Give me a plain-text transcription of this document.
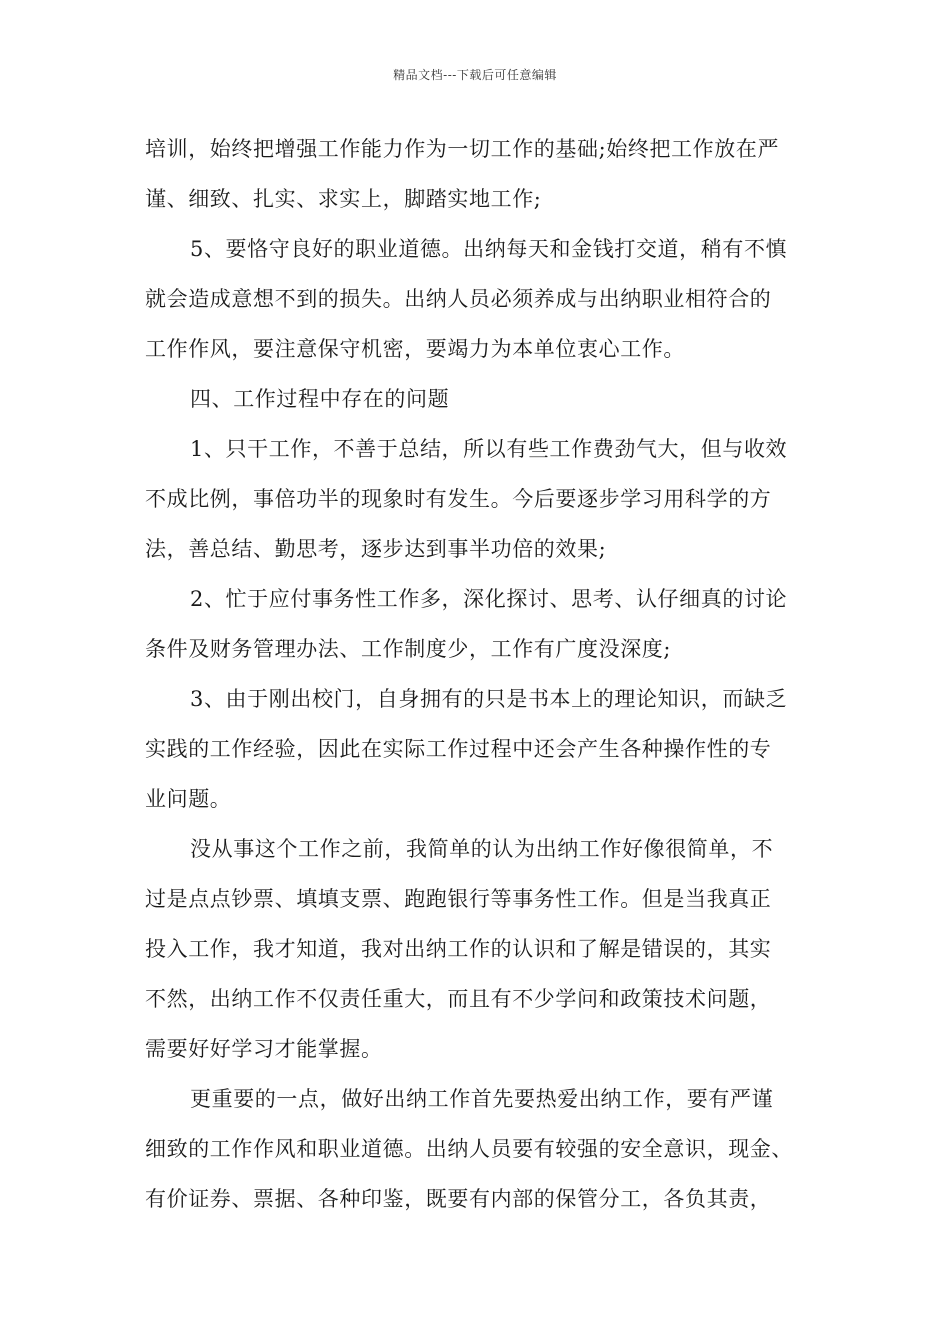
精品文档---下载后可任意编辑
培训，始终把增强工作能力作为一切工作的基础;始终把工作放在严
谨、细致、扎实、求实上，脚踏实地工作;
5、要恪守良好的职业道德。出纳每天和金钱打交道，稍有不慎
就会造成意想不到的损失。出纳人员必须养成与出纳职业相符合的
工作作风，要注意保守机密，要竭力为本单位衷心工作。
四、工作过程中存在的问题
1、只干工作，不善于总结，所以有些工作费劲气大，但与收效
不成比例，事倍功半的现象时有发生。今后要逐步学习用科学的方
法，善总结、勤思考，逐步达到事半功倍的效果;
2、忙于应付事务性工作多，深化探讨、思考、认仔细真的讨论
条件及财务管理办法、工作制度少，工作有广度没深度;
3、由于刚出校门，自身拥有的只是书本上的理论知识，而缺乏
实践的工作经验，因此在实际工作过程中还会产生各种操作性的专
业问题。
没从事这个工作之前，我简单的认为出纳工作好像很简单，不
过是点点钞票、填填支票、跑跑银行等事务性工作。但是当我真正
投入工作，我才知道，我对出纳工作的认识和了解是错误的，其实
不然，出纳工作不仅责任重大，而且有不少学问和政策技术问题，
需要好好学习才能掌握。
更重要的一点，做好出纳工作首先要热爱出纳工作，要有严谨
细致的工作作风和职业道德。出纳人员要有较强的安全意识，现金、
有价证券、票据、各种印鉴，既要有内部的保管分工，各负其责，
